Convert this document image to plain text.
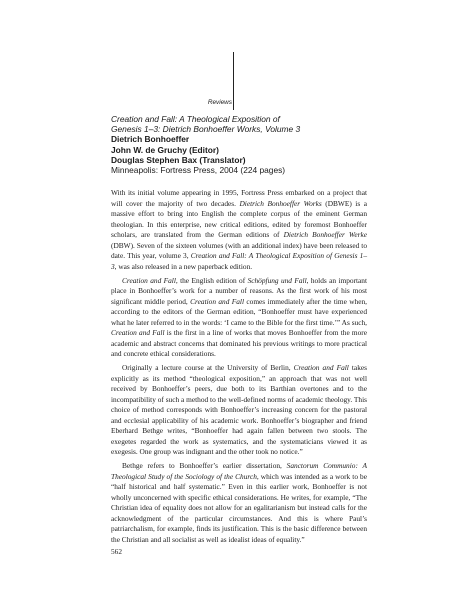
Reviews
Creation and Fall: A Theological Exposition of
Genesis 1–3: Dietrich Bonhoeffer Works, Volume 3
Dietrich Bonhoeffer
John W. de Gruchy (Editor)
Douglas Stephen Bax (Translator)
Minneapolis: Fortress Press, 2004 (224 pages)

With its initial volume appearing in 1995, Fortress Press embarked on a project that will cover the majority of two decades. Dietrich Bonhoeffer Works (DBWE) is a massive effort to bring into English the complete corpus of the eminent German theologian. In this enterprise, new critical editions, edited by foremost Bonhoeffer scholars, are translated from the German editions of Dietrich Bonhoeffer Werke (DBW). Seven of the sixteen volumes (with an additional index) have been released to date. This year, volume 3, Creation and Fall: A Theological Exposition of Genesis 1–3, was also released in a new paperback edition.

Creation and Fall, the English edition of Schöpfung und Fall, holds an important place in Bonhoeffer’s work for a number of reasons. As the first work of his most significant middle period, Creation and Fall comes immediately after the time when, according to the editors of the German edition, “Bonhoeffer must have experienced what he later referred to in the words: ‘I came to the Bible for the first time.’” As such, Creation and Fall is the first in a line of works that moves Bonhoeffer from the more academic and abstract concerns that dominated his previous writings to more practical and concrete ethical considerations.

Originally a lecture course at the University of Berlin, Creation and Fall takes explicitly as its method “theological exposition,” an approach that was not well received by Bonhoeffer’s peers, due both to its Barthian overtones and to the incompatibility of such a method to the well-defined norms of academic theology. This choice of method corresponds with Bonhoeffer’s increasing concern for the pastoral and ecclesial applicability of his academic work. Bonhoeffer’s biographer and friend Eberhard Bethge writes, “Bonhoeffer had again fallen between two stools. The exegetes regarded the work as systematics, and the systematicians viewed it as exegesis. One group was indignant and the other took no notice.”

Bethge refers to Bonhoeffer’s earlier dissertation, Sanctorum Communio: A Theological Study of the Sociology of the Church, which was intended as a work to be “half historical and half systematic.” Even in this earlier work, Bonhoeffer is not wholly unconcerned with specific ethical considerations. He writes, for example, “The Christian idea of equality does not allow for an egalitarianism but instead calls for the acknowledgment of the particular circumstances. And this is where Paul’s patriarchalism, for example, finds its justification. This is the basic difference between the Christian and all socialist as well as idealist ideas of equality.”

562
